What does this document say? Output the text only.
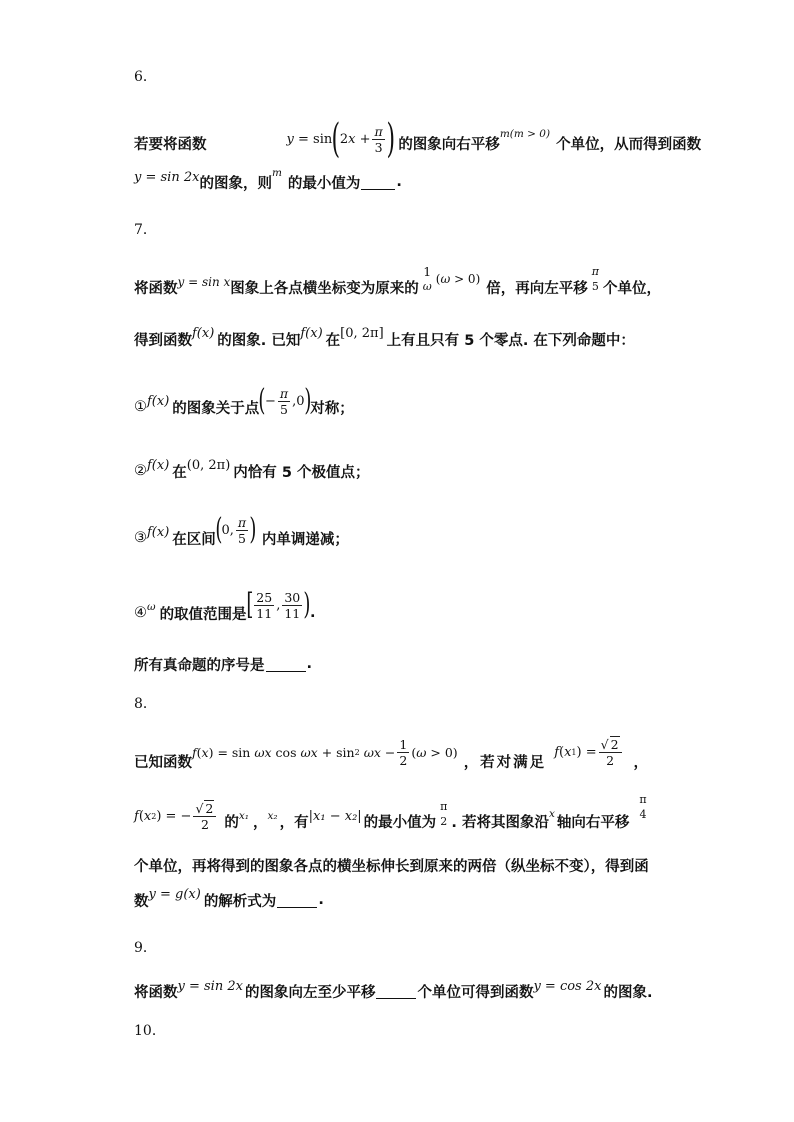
6．
若要将函数	y = sin ( 2 $x + \frac{\pi}{3}$ ) 的图象向右平移
m(m > 0)
个单位，从而得到函数
y = sin 2x 的图象，则
m
的最小值为 .
7．
将函数 y = sin x 图象上各点横坐标变为原来的
1
ω
(ω > 0)
倍，再向左平移
π
5 个单位，
得到函数 f(x) 的图象. 已知 f(x) 在 [0, 2π] 上有且只有 5 个零点. 在下列命题中：
① f(x) 的图象关于点 ( − $\frac{\pi}{5} ,0$ ) 对称；
② f(x) 在 (0, 2π) 内恰有 5 个极值点；
③ f(x) 在区间 ( 0, $\frac{\pi}{5}$ ) 内单调递减；
④ ω 的取值范围是 [ $\frac{25}{11}$ , $\frac{30}{11}$ ) .
所有真命题的序号是	.
8．
已知函数
f ( x ) = sin ωx cos ωx + sin 2
$\omega x - \frac{1}{2}$ ( ω > 0)
，若对满足
f ( x 1 ) = $\frac{√ 2}{2}$ ，
f ( x 2 ) = − $\frac{√ 2}{2}$ 的 x₁ ， x₂ ，有 |x₁ − x₂| 的最小值为
π
2 . 若将其图象沿
x
轴向右平移
π
4
个单位，再将得到的图象各点的横坐标伸长到原来的两倍（纵坐标不变），得到函
数 y = g(x) 的解析式为	.
9．
将函数 y = sin 2x 的图象向左至少平移	个单位可得到函数 y = cos 2x 的图象.
10．
